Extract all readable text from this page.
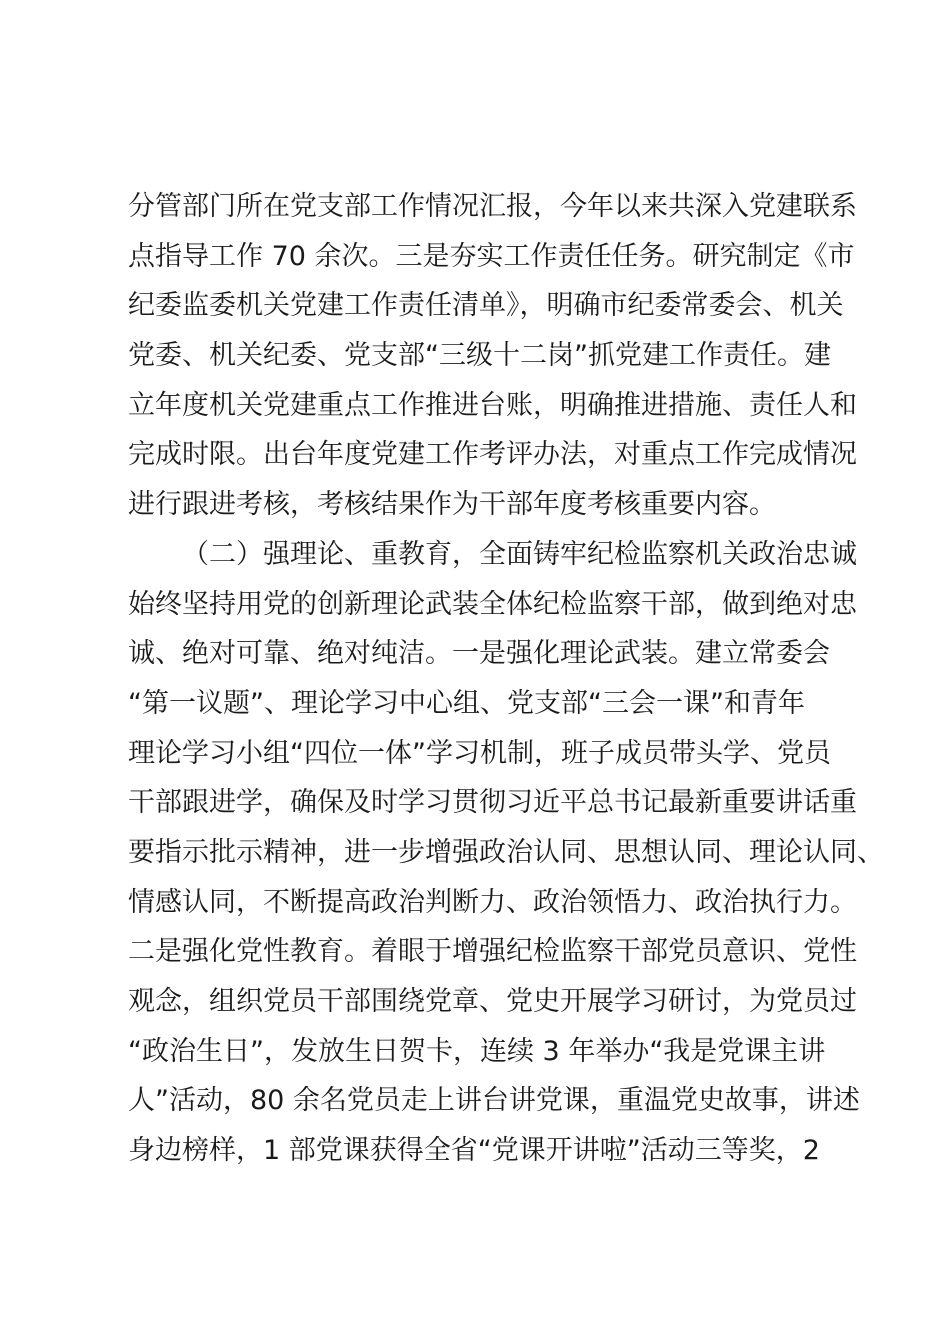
分管部门所在党支部工作情况汇报，今年以来共深入党建联系
点指导工作 70 余次。三是夯实工作责任任务。研究制定《市
纪委监委机关党建工作责任清单》，明确市纪委常委会、机关
党委、机关纪委、党支部“三级十二岗”抓党建工作责任。建
立年度机关党建重点工作推进台账，明确推进措施、责任人和
完成时限。出台年度党建工作考评办法，对重点工作完成情况
进行跟进考核，考核结果作为干部年度考核重要内容。
（二）强理论、重教育，全面铸牢纪检监察机关政治忠诚
始终坚持用党的创新理论武装全体纪检监察干部，做到绝对忠
诚、绝对可靠、绝对纯洁。一是强化理论武装。建立常委会
“第一议题”、理论学习中心组、党支部“三会一课”和青年
理论学习小组“四位一体”学习机制，班子成员带头学、党员
干部跟进学，确保及时学习贯彻习近平总书记最新重要讲话重
要指示批示精神，进一步增强政治认同、思想认同、理论认同、
情感认同，不断提高政治判断力、政治领悟力、政治执行力。
二是强化党性教育。着眼于增强纪检监察干部党员意识、党性
观念，组织党员干部围绕党章、党史开展学习研讨，为党员过
“政治生日”，发放生日贺卡，连续 3 年举办“我是党课主讲
人”活动，80 余名党员走上讲台讲党课，重温党史故事，讲述
身边榜样，1 部党课获得全省“党课开讲啦”活动三等奖，2
